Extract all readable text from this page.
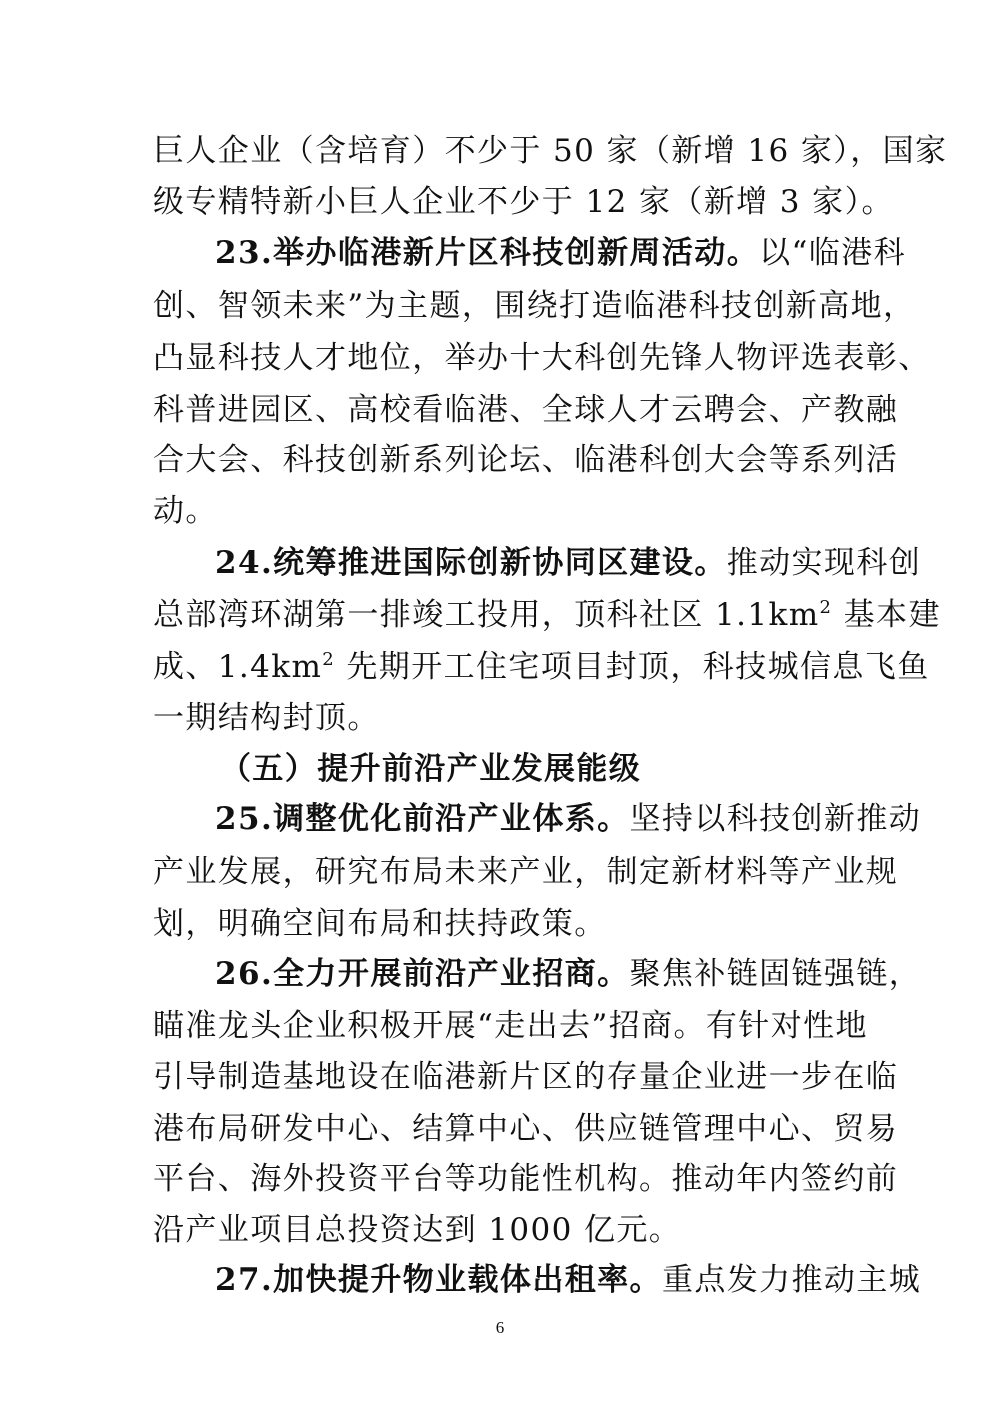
巨人企业（含培育）不少于 50 家（新增 16 家），国家
级专精特新小巨人企业不少于 12 家（新增 3 家）。
23.举办临港新片区科技创新周活动。以“临港科
创、智领未来”为主题，围绕打造临港科技创新高地，
凸显科技人才地位，举办十大科创先锋人物评选表彰、
科普进园区、高校看临港、全球人才云聘会、产教融
合大会、科技创新系列论坛、临港科创大会等系列活
动。
24.统筹推进国际创新协同区建设。推动实现科创
总部湾环湖第一排竣工投用，顶科社区 $1.1km^2$ 基本建
成、$1.4km^2$ 先期开工住宅项目封顶，科技城信息飞鱼
一期结构封顶。
（五）提升前沿产业发展能级
25.调整优化前沿产业体系。坚持以科技创新推动
产业发展，研究布局未来产业，制定新材料等产业规
划，明确空间布局和扶持政策。
26.全力开展前沿产业招商。聚焦补链固链强链，
瞄准龙头企业积极开展“走出去”招商。有针对性地
引导制造基地设在临港新片区的存量企业进一步在临
港布局研发中心、结算中心、供应链管理中心、贸易
平台、海外投资平台等功能性机构。推动年内签约前
沿产业项目总投资达到 1000 亿元。
27.加快提升物业载体出租率。重点发力推动主城
6
